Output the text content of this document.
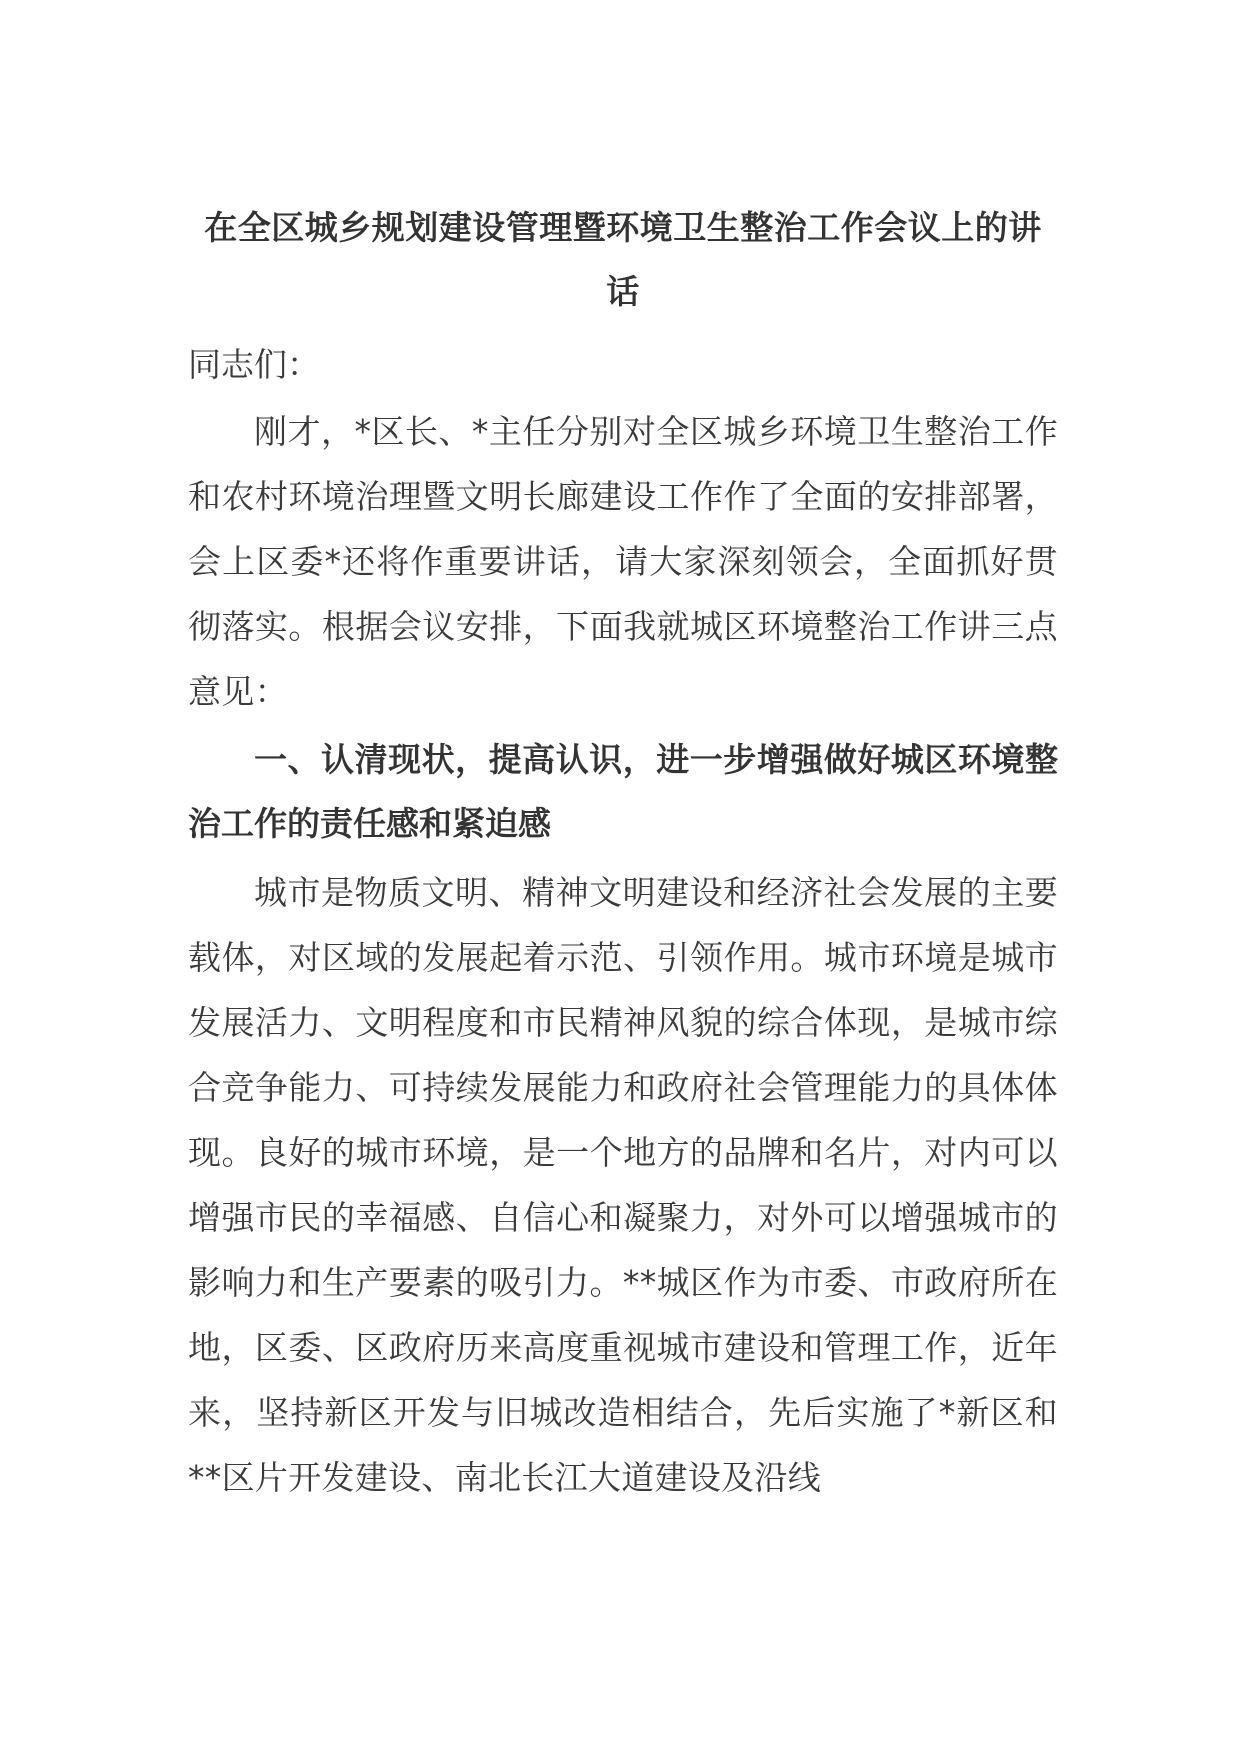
在全区城乡规划建设管理暨环境卫生整治工作会议上的讲话

同志们：

刚才，*区长、*主任分别对全区城乡环境卫生整治工作和农村环境治理暨文明长廊建设工作作了全面的安排部署，会上区委*还将作重要讲话，请大家深刻领会，全面抓好贯彻落实。根据会议安排，下面我就城区环境整治工作讲三点意见：

一、认清现状，提高认识，进一步增强做好城区环境整治工作的责任感和紧迫感

城市是物质文明、精神文明建设和经济社会发展的主要载体，对区域的发展起着示范、引领作用。城市环境是城市发展活力、文明程度和市民精神风貌的综合体现，是城市综合竞争能力、可持续发展能力和政府社会管理能力的具体体现。良好的城市环境，是一个地方的品牌和名片，对内可以增强市民的幸福感、自信心和凝聚力，对外可以增强城市的影响力和生产要素的吸引力。**城区作为市委、市政府所在地，区委、区政府历来高度重视城市建设和管理工作，近年来，坚持新区开发与旧城改造相结合，先后实施了*新区和**区片开发建设、南北长江大道建设及沿线
